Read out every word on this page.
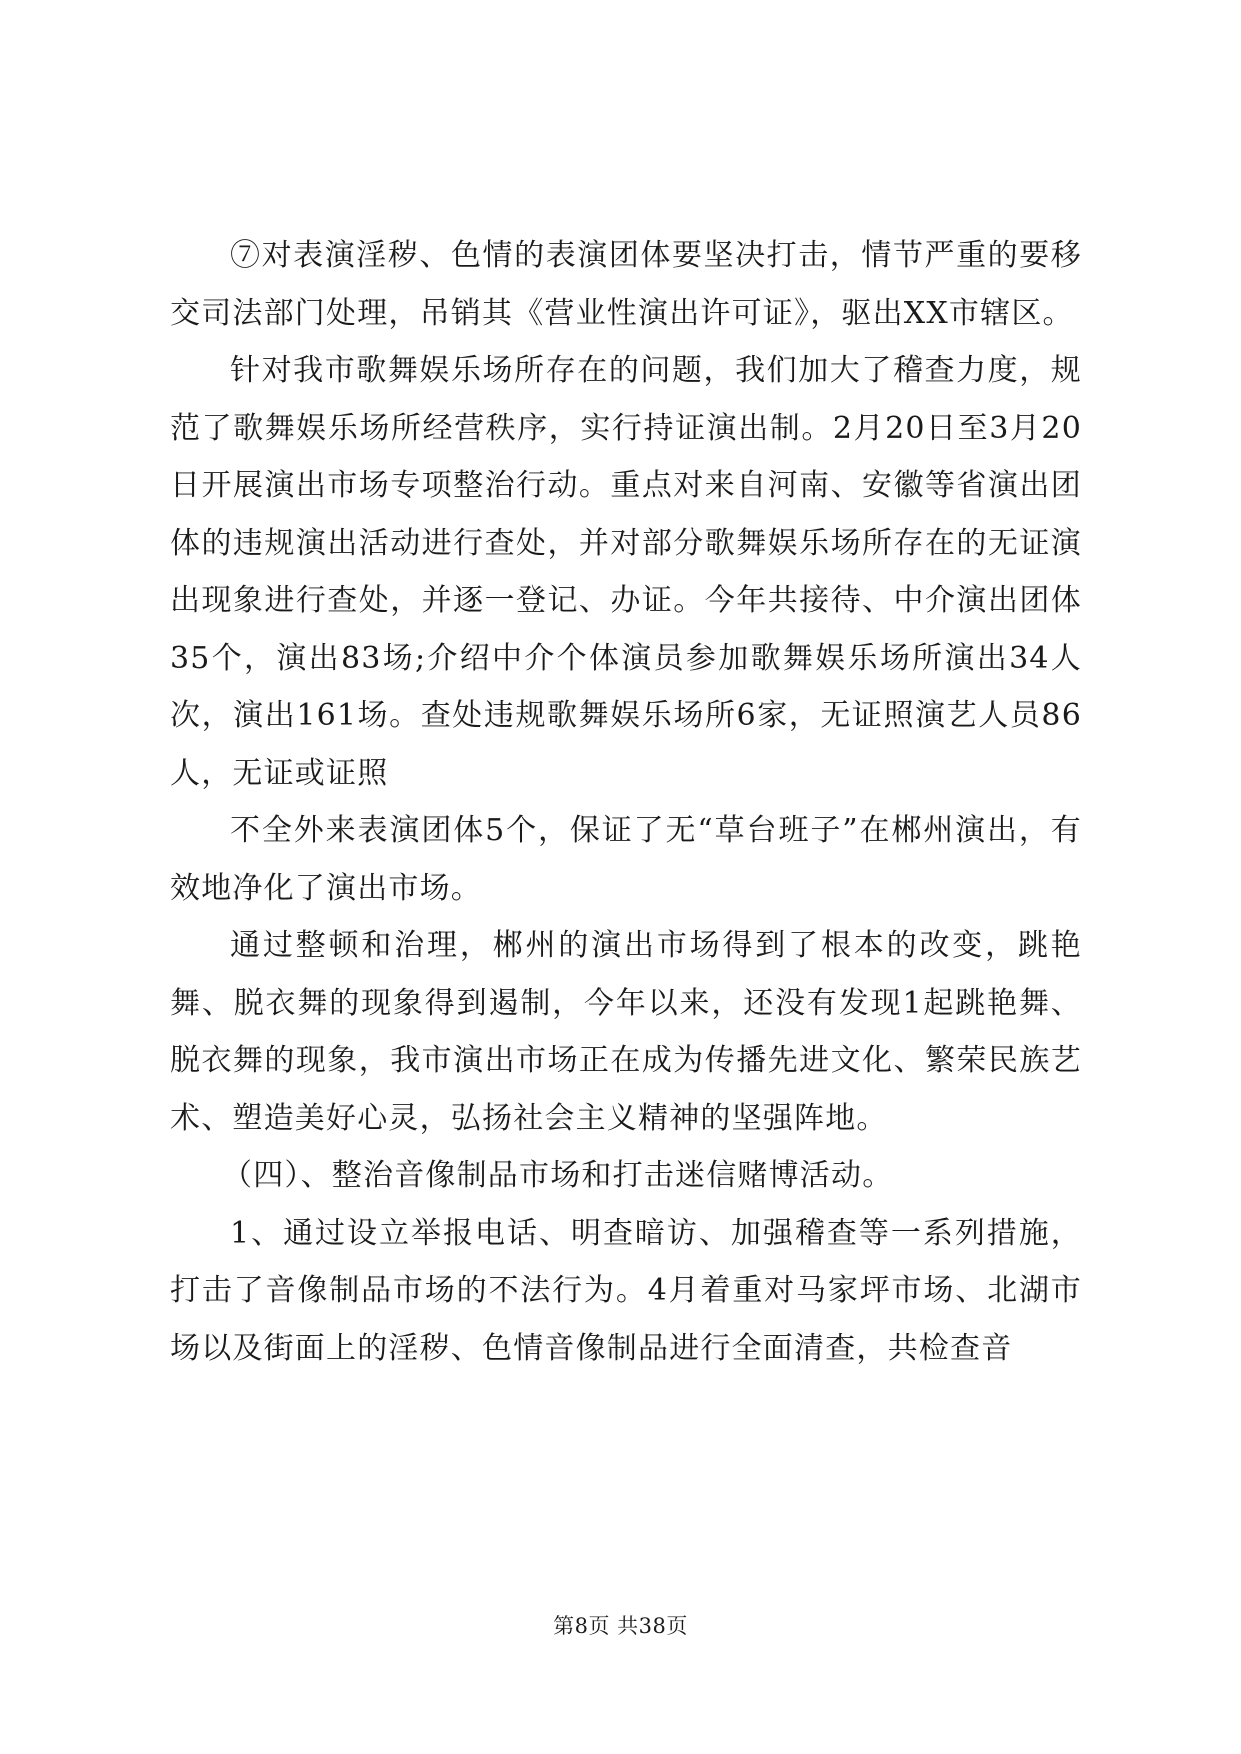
⑦对表演淫秽、色情的表演团体要坚决打击，情节严重的要移交司法部门处理，吊销其《营业性演出许可证》，驱出XX市辖区。

针对我市歌舞娱乐场所存在的问题，我们加大了稽查力度，规范了歌舞娱乐场所经营秩序，实行持证演出制。2月20日至3月20日开展演出市场专项整治行动。重点对来自河南、安徽等省演出团体的违规演出活动进行查处，并对部分歌舞娱乐场所存在的无证演出现象进行查处，并逐一登记、办证。今年共接待、中介演出团体35个，演出83场;介绍中介个体演员参加歌舞娱乐场所演出34人次，演出161场。查处违规歌舞娱乐场所6家，无证照演艺人员86人，无证或证照

不全外来表演团体5个，保证了无“草台班子”在郴州演出，有效地净化了演出市场。

通过整顿和治理，郴州的演出市场得到了根本的改变，跳艳舞、脱衣舞的现象得到遏制，今年以来，还没有发现1起跳艳舞、脱衣舞的现象，我市演出市场正在成为传播先进文化、繁荣民族艺术、塑造美好心灵，弘扬社会主义精神的坚强阵地。

（四）、整治音像制品市场和打击迷信赌博活动。

1、通过设立举报电话、明查暗访、加强稽查等一系列措施，打击了音像制品市场的不法行为。4月着重对马家坪市场、北湖市场以及街面上的淫秽、色情音像制品进行全面清查，共检查音

第8页 共38页
